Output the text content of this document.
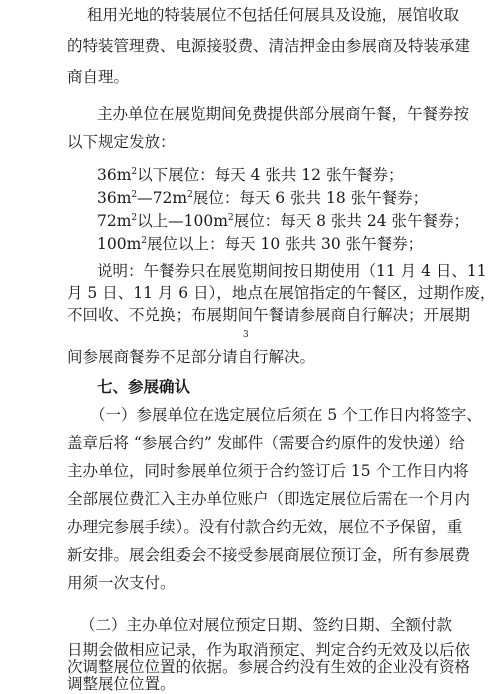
租用光地的特装展位不包括任何展具及设施，展馆收取
的特装管理费、电源接驳费、清洁押金由参展商及特装承建
商自理。
主办单位在展览期间免费提供部分展商午餐，午餐券按
以下规定发放：
$36m^2$以下展位：每天 4 张共 12 张午餐券；
$36m^2—72m^2$展位：每天 6 张共 18 张午餐券；
$72m^2$以上$—100m^2$展位：每天 8 张共 24 张午餐券；
$100m^2$展位以上：每天 10 张共 30 张午餐券；
说明：午餐券只在展览期间按日期使用（11 月 4 日、11
月 5 日、11 月 6 日），地点在展馆指定的午餐区，过期作废，
不回收、不兑换；布展期间午餐请参展商自行解决；开展期
3
间参展商餐券不足部分请自行解决。
七、参展确认
（一）参展单位在选定展位后须在 5 个工作日内将签字、
盖章后将 “参展合约” 发邮件（需要合约原件的发快递）给
主办单位，同时参展单位须于合约签订后 15 个工作日内将
全部展位费汇入主办单位账户（即选定展位后需在一个月内
办理完参展手续）。没有付款合约无效，展位不予保留，重
新安排。展会组委会不接受参展商展位预订金，所有参展费
用须一次支付。
（二）主办单位对展位预定日期、签约日期、全额付款
日期会做相应记录，作为取消预定、判定合约无效及以后依
次调整展位位置的依据。参展合约没有生效的企业没有资格
调整展位位置。
